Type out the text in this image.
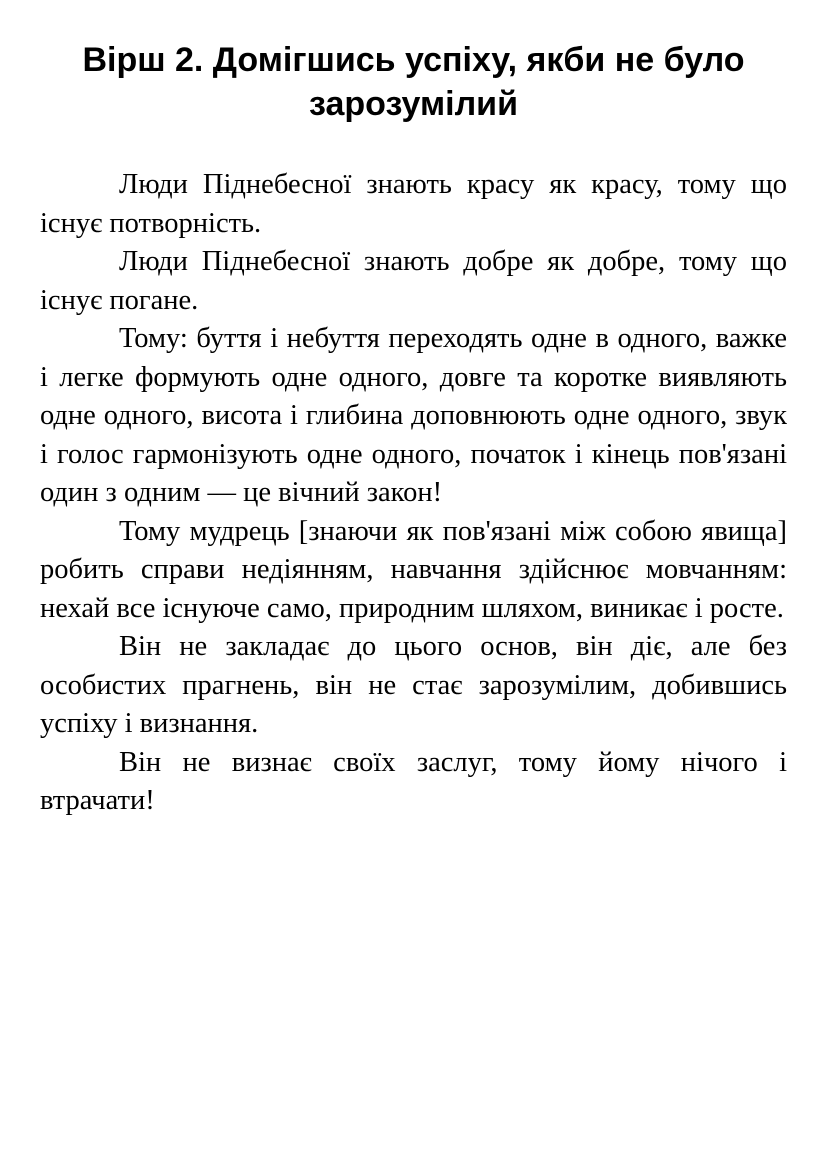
Вірш 2. Домігшись успіху, якби не було зарозумілий

Люди Піднебесної знають красу як красу, тому що існує потворність.

Люди Піднебесної знають добре як добре, тому що існує погане.

Тому: буття і небуття переходять одне в одного, важке і легке формують одне одного, довге та коротке виявляють одне одного, висота і глибина доповнюють одне одного, звук і голос гармонізують одне одного, початок і кінець пов'язані один з одним — це вічний закон!

Тому мудрець [знаючи як пов'язані між собою явища] робить справи недіянням, навчання здійснює мовчанням: нехай все існуюче само, природним шляхом, виникає і росте.

Він не закладає до цього основ, він діє, але без особистих прагнень, він не стає зарозумілим, добившись успіху і визнання.

Він не визнає своїх заслуг, тому йому нічого і втрачати!
